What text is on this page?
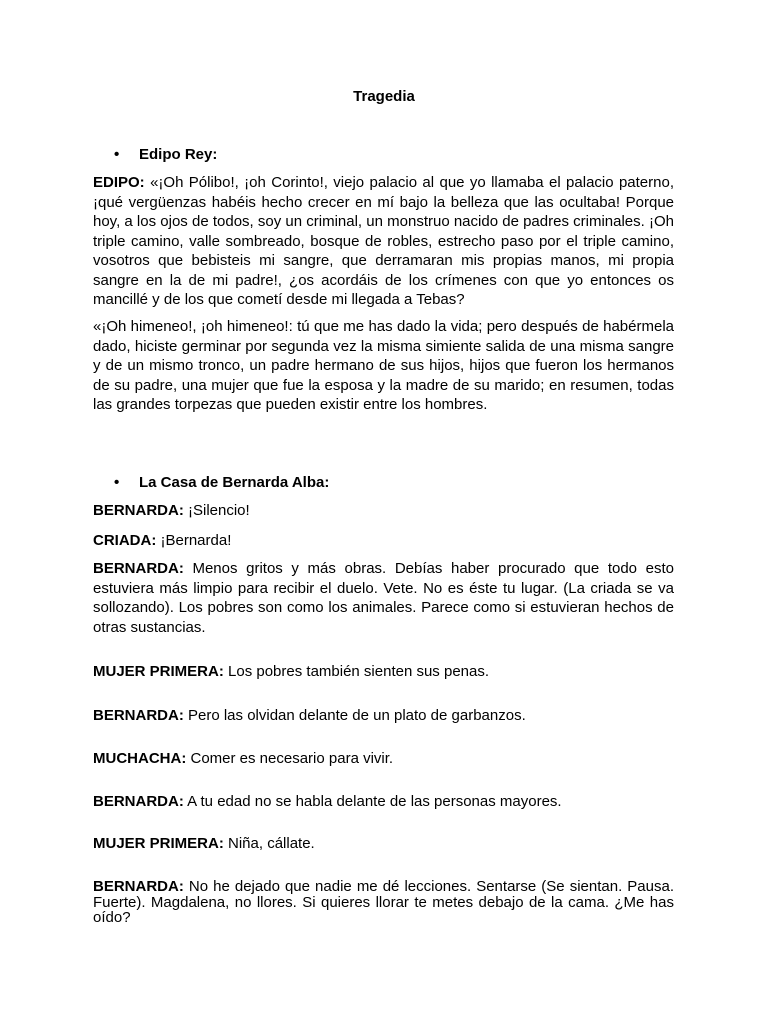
Tragedia
• Edipo Rey:
EDIPO: «¡Oh Pólibo!, ¡oh Corinto!, viejo palacio al que yo llamaba el palacio paterno, ¡qué vergüenzas habéis hecho crecer en mí bajo la belleza que las ocultaba! Porque hoy, a los ojos de todos, soy un criminal, un monstruo nacido de padres criminales. ¡Oh triple camino, valle sombreado, bosque de robles, estrecho paso por el triple camino, vosotros que bebisteis mi sangre, que derramaran mis propias manos, mi propia sangre en la de mi padre!, ¿os acordáis de los crímenes con que yo entonces os mancillé y de los que cometí desde mi llegada a Tebas?
«¡Oh himeneo!, ¡oh himeneo!: tú que me has dado la vida; pero después de habérmela dado, hiciste germinar por segunda vez la misma simiente salida de una misma sangre y de un mismo tronco, un padre hermano de sus hijos, hijos que fueron los hermanos de su padre, una mujer que fue la esposa y la madre de su marido; en resumen, todas las grandes torpezas que pueden existir entre los hombres.
• La Casa de Bernarda Alba:
BERNARDA: ¡Silencio!
CRIADA: ¡Bernarda!
BERNARDA: Menos gritos y más obras. Debías haber procurado que todo esto estuviera más limpio para recibir el duelo. Vete. No es éste tu lugar. (La criada se va sollozando). Los pobres son como los animales. Parece como si estuvieran hechos de otras sustancias.
MUJER PRIMERA: Los pobres también sienten sus penas.
BERNARDA: Pero las olvidan delante de un plato de garbanzos.
MUCHACHA: Comer es necesario para vivir.
BERNARDA: A tu edad no se habla delante de las personas mayores.
MUJER PRIMERA: Niña, cállate.
BERNARDA: No he dejado que nadie me dé lecciones. Sentarse (Se sientan. Pausa. Fuerte). Magdalena, no llores. Si quieres llorar te metes debajo de la cama. ¿Me has oído?
